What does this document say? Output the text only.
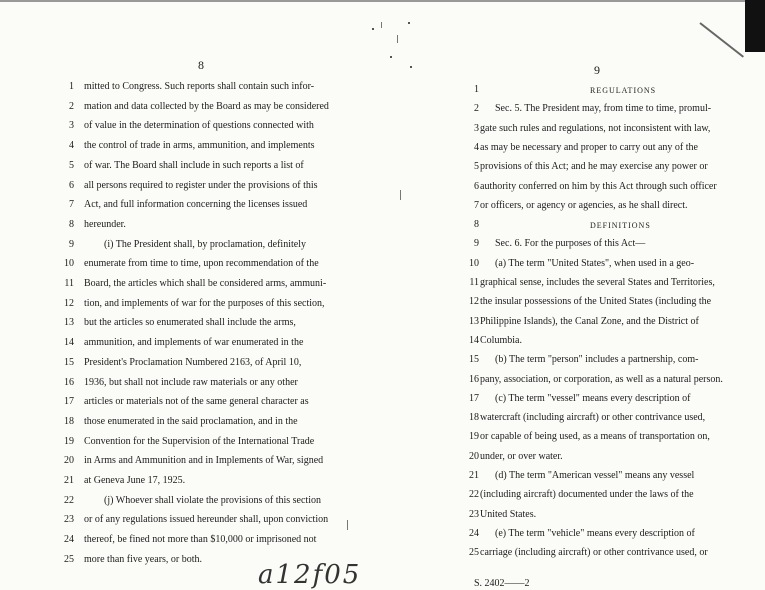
8
1 mitted to Congress. Such reports shall contain such infor-
2 mation and data collected by the Board as may be considered
3 of value in the determination of questions connected with
4 the control of trade in arms, ammunition, and implements
5 of war. The Board shall include in such reports a list of
6 all persons required to register under the provisions of this
7 Act, and full information concerning the licenses issued
8 hereunder.
9	(i) The President shall, by proclamation, definitely
10 enumerate from time to time, upon recommendation of the
11 Board, the articles which shall be considered arms, ammuni-
12 tion, and implements of war for the purposes of this section,
13 but the articles so enumerated shall include the arms,
14 ammunition, and implements of war enumerated in the
15 President's Proclamation Numbered 2163, of April 10,
16 1936, but shall not include raw materials or any other
17 articles or materials not of the same general character as
18 those enumerated in the said proclamation, and in the
19 Convention for the Supervision of the International Trade
20 in Arms and Ammunition and in Implements of War, signed
21 at Geneva June 17, 1925.
22	(j) Whoever shall violate the provisions of this section
23 or of any regulations issued hereunder shall, upon conviction
24 thereof, be fined not more than $10,000 or imprisoned not
25 more than five years, or both.
9
1	REGULATIONS
2 Sec. 5. The President may, from time to time, promul-
3 gate such rules and regulations, not inconsistent with law,
4 as may be necessary and proper to carry out any of the
5 provisions of this Act; and he may exercise any power or
6 authority conferred on him by this Act through such officer
7 or officers, or agency or agencies, as he shall direct.
8	DEFINITIONS
9 Sec. 6. For the purposes of this Act—
10 (a) The term "United States", when used in a geo-
11 graphical sense, includes the several States and Territories,
12 the insular possessions of the United States (including the
13 Philippine Islands), the Canal Zone, and the District of
14 Columbia.
15 (b) The term "person" includes a partnership, com-
16 pany, association, or corporation, as well as a natural person.
17 (c) The term "vessel" means every description of
18 watercraft (including aircraft) or other contrivance used,
19 or capable of being used, as a means of transportation on,
20 under, or over water.
21 (d) The term "American vessel" means any vessel
22 (including aircraft) documented under the laws of the
23 United States.
24 (e) The term "vehicle" means every description of
25 carriage (including aircraft) or other contrivance used, or
S. 2402——2
a12f05
